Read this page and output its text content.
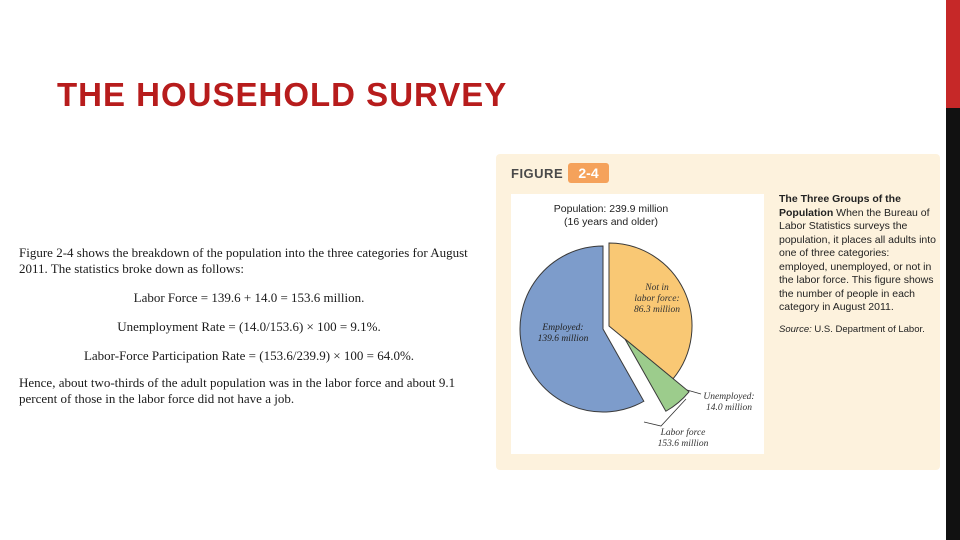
THE HOUSEHOLD SURVEY

Figure 2-4 shows the breakdown of the population into the three categories for August 2011. The statistics broke down as follows:

Labor Force = 139.6 + 14.0 = 153.6 million.

Unemployment Rate = (14.0/153.6) × 100 = 9.1%.

Labor-Force Participation Rate = (153.6/239.9) × 100 = 64.0%.

Hence, about two-thirds of the adult population was in the labor force and about 9.1 percent of those in the labor force did not have a job.

FIGURE	2-4
Population: 239.9 million
(16 years and older)
Not in
labor force:
86.3 million
Employed:
139.6 million
Unemployed:
14.0 million
Labor force
153.6 million
The Three Groups of the Population When the Bureau of Labor Statistics surveys the population, it places all adults into one of three categories: employed, unemployed, or not in the labor force. This figure shows the number of people in each category in August 2011.
Source: U.S. Department of Labor.
